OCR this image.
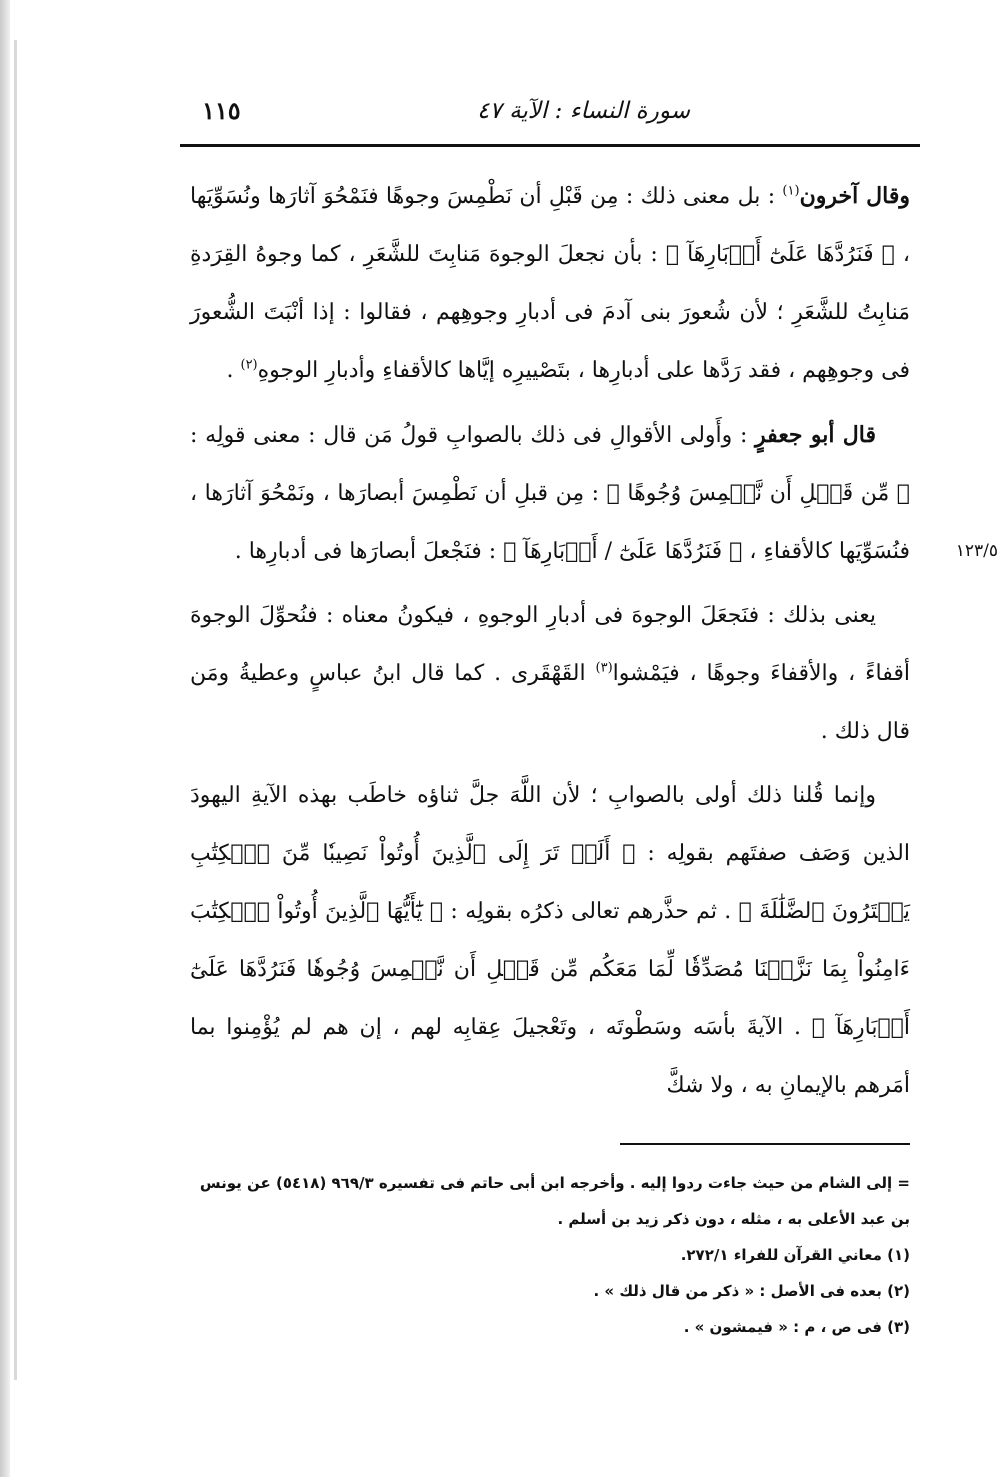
سورة النساء : الآية ٤٧
١١٥

وقال آخرون$^{(١)}$ : بل معنى ذلك : مِن قَبْلِ أن نَطْمِسَ وجوهًا فنَمْحُوَ آثارَها ونُسَوِّيَها ، ﴿ فَنَرُدَّهَا عَلَىٰٓ أَدۡبَارِهَآ ﴾ : بأن نجعلَ الوجوهَ مَنابِتَ للشَّعَرِ ، كما وجوهُ القِرَدةِ مَنابِتُ للشَّعَرِ ؛ لأن شُعورَ بنى آدمَ فى أدبارِ وجوهِهم ، فقالوا : إذا أنْبَتَ الشُّعورَ فى وجوهِهم ، فقد رَدَّها على أدبارِها ، بتَصْييرِه إيَّاها كالأقفاءِ وأدبارِ الوجوهِ$^{(٢)}$ .

قال أبو جعفرٍ : وأَولى الأقوالِ فى ذلك بالصوابِ قولُ مَن قال : معنى قولِه : ﴿ مِّن قَبۡلِ أَن نَّطۡمِسَ وُجُوهًا ﴾ : مِن قبلِ أن نَطْمِسَ أبصارَها ، ونَمْحُوَ آثارَها ، فنُسَوِّيَها كالأقفاءِ ، ﴿ فَنَرُدَّهَا عَلَىٰٓ / أَدۡبَارِهَآ ﴾ : فنَجْعلَ أبصارَها فى أدبارِها .	١٢٣/٥

يعنى بذلك : فنَجعَلَ الوجوهَ فى أدبارِ الوجوهِ ، فيكونُ معناه : فنُحوِّلَ الوجوهَ أقفاءً ، والأقفاءَ وجوهًا ، فيَمْشوا$^{(٣)}$ القَهْقَرى . كما قال ابنُ عباسٍ وعطيةُ ومَن قال ذلك .

وإنما قُلنا ذلك أولى بالصوابِ ؛ لأن اللَّهَ جلَّ ثناؤه خاطَب بهذه الآيةِ اليهودَ الذين وَصَف صفتَهم بقولِه : ﴿ أَلَمۡ تَرَ إِلَى ٱلَّذِينَ أُوتُواْ نَصِيبٗا مِّنَ ٱلۡكِتَٰبِ يَشۡتَرُونَ ٱلضَّلَٰلَةَ ﴾ . ثم حذَّرهم تعالى ذكرُه بقولِه : ﴿ يَٰٓأَيُّهَا ٱلَّذِينَ أُوتُواْ ٱلۡكِتَٰبَ ءَامِنُواْ بِمَا نَزَّلۡنَا مُصَدِّقٗا لِّمَا مَعَكُم مِّن قَبۡلِ أَن نَّطۡمِسَ وُجُوهٗا فَنَرُدَّهَا عَلَىٰٓ أَدۡبَارِهَآ ﴾ . الآيةَ بأسَه وسَطْوتَه ، وتَعْجيلَ عِقابِه لهم ، إن هم لم يُؤْمِنوا بما أمَرهم بالإيمانِ به ، ولا شكَّ

= إلى الشام من حيث جاءت ردوا إليه . وأخرجه ابن أبى حاتم فى تفسيره ٩٦٩/٣ (٥٤١٨) عن يونس بن عبد الأعلى به ، مثله ، دون ذكر زيد بن أسلم .
(١) معاني القرآن للفراء ٢٧٢/١.
(٢) بعده فى الأصل : « ذكر من قال ذلك » .
(٣) فى ص ، م : « فيمشون » .
